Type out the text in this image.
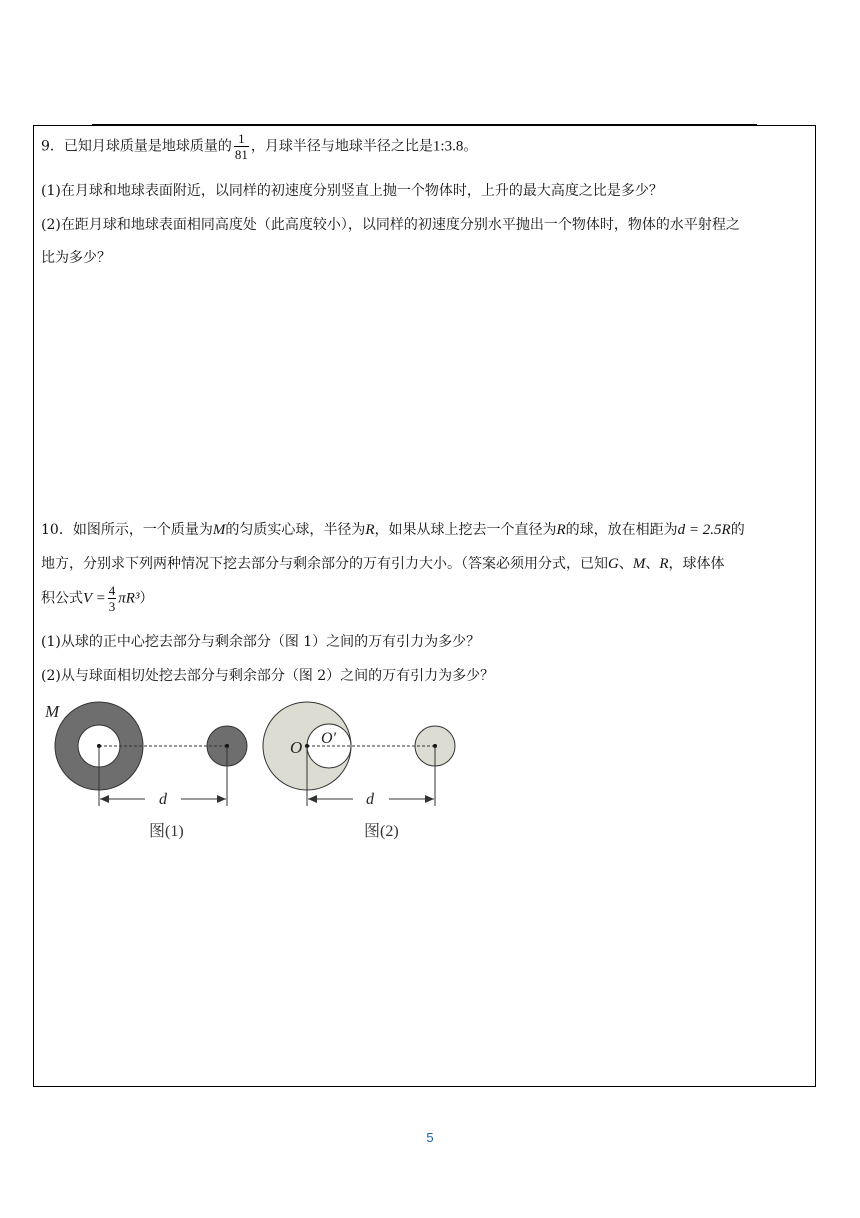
9．已知月球质量是地球质量的 $\frac{1}{81}$ ，月球半径与地球半径之比是1:3.8。
(1)在月球和地球表面附近，以同样的初速度分别竖直上抛一个物体时，上升的最大高度之比是多少？
(2)在距月球和地球表面相同高度处（此高度较小），以同样的初速度分别水平抛出一个物体时，物体的水平射程之
比为多少？
10．如图所示，一个质量为M的匀质实心球，半径为R，如果从球上挖去一个直径为R的球，放在相距为d = 2.5R的
地方，分别求下列两种情况下挖去部分与剩余部分的万有引力大小。（答案必须用分式，已知G、M、R，球体体
积公式$V = \frac{4}{3} \pi R^3$）
(1)从球的正中心挖去部分与剩余部分（图 1）之间的万有引力为多少？
(2)从与球面相切处挖去部分与剩余部分（图 2）之间的万有引力为多少？
M
d
图(1)
O O′
d
图(2)
5
